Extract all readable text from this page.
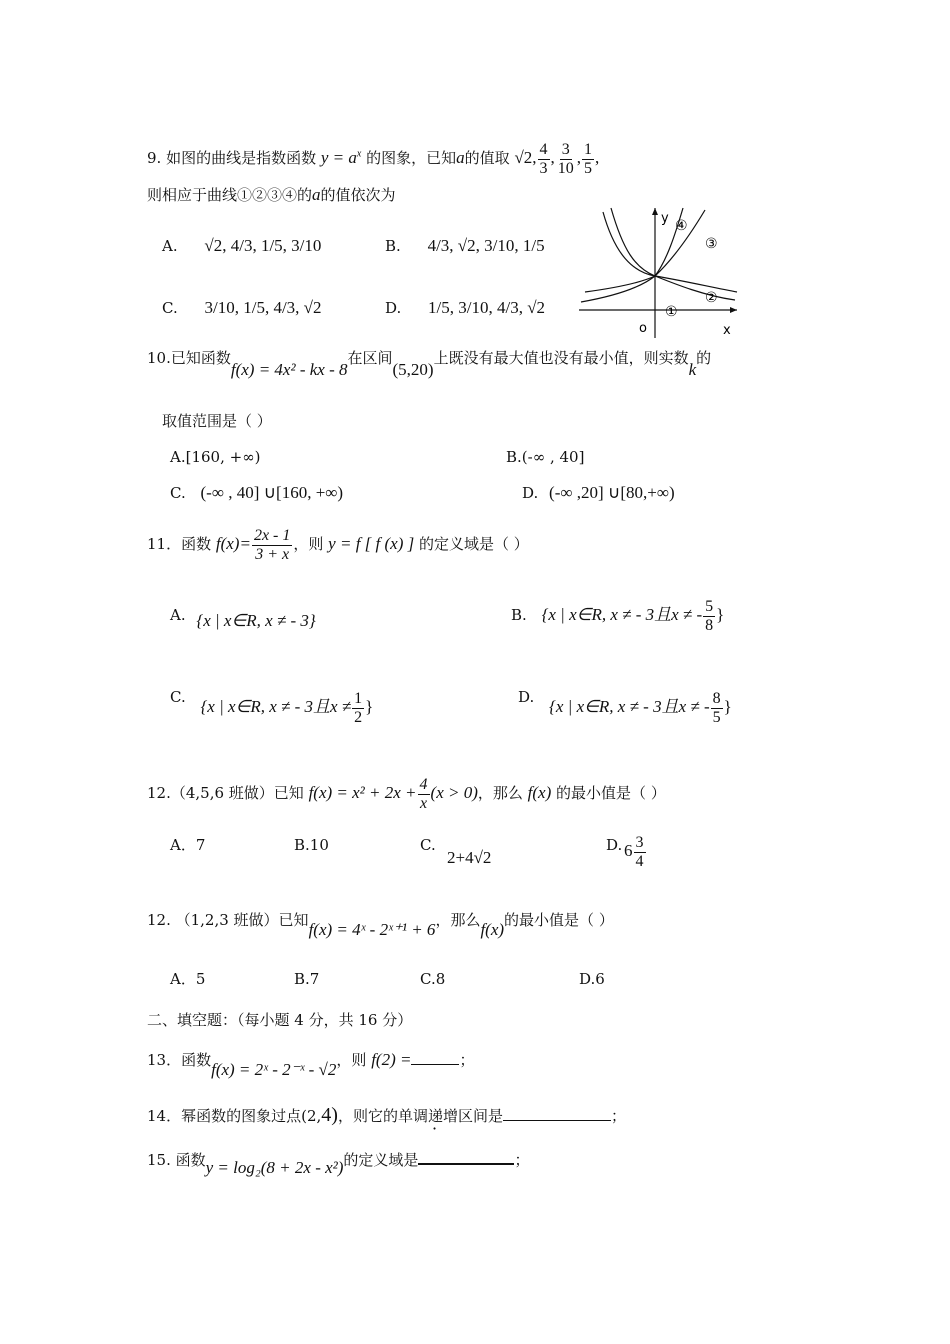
9. 如图的曲线是指数函数 $y = a^x$ 的图象，已知a的值取 √2, $\frac{4}{3}$ , $\frac{3}{10}$ , $\frac{1}{5}$ ,
则相应于曲线①②③④的a的值依次为
A. √2, 4/3, 1/5, 3/10	B. 4/3, √2, 3/10, 1/5
C. 3/10, 1/5, 4/3, √2	D. 1/5, 3/10, 4/3, √2
y
x
o
④
③
②
①
10.已知函数f(x) = 4x² - kx - 8在区间(5,20)上既没有最大值也没有最小值，则实数k的
取值范围是（ ）
A.[160, +∞)	B.(-∞ , 40]
C. (-∞ , 40] ∪[160, +∞)	D. (-∞ ,20] ∪[80,+∞)
11．函数 $f(x)= \frac{2x - 1}{3 + x}$ ，则 y = f [ f (x) ] 的定义域是（ ）
A. {x | x∈R, x ≠ - 3}	B. {x | x∈R, x ≠ - 3且x ≠ - $\frac{5}{8}$ }
C. {x | x∈R, x ≠ - 3且$x \ne \frac{1}{2}$ }	D. {x | x∈R, x ≠ - 3且x ≠ - $\frac{8}{5}$ }
12.（4,5,6 班做）已知 $f(x) = x^2 + 2x + \frac{4}{x} (x > 0)$，那么 f(x) 的最小值是（ ）
A．7	B.10	C.
2+4√2
D. $6 \frac{3}{4}$
12. （1,2,3 班做）已知f(x) = 4ˣ - 2ˣ⁺¹ + 6，那么f(x)的最小值是（ ）
A．5	B.7	C.8	D.6
二、填空题：（每小题 4 分，共 16 分）
13．函数f(x) = 2ˣ - 2⁻ˣ - √2，则 f(2) =	；
14．幂函数的图象过点(2,4)，则它的单调递增区间是	；
15. 函数y = log₂(8 + 2x - x²)的定义域是	；
